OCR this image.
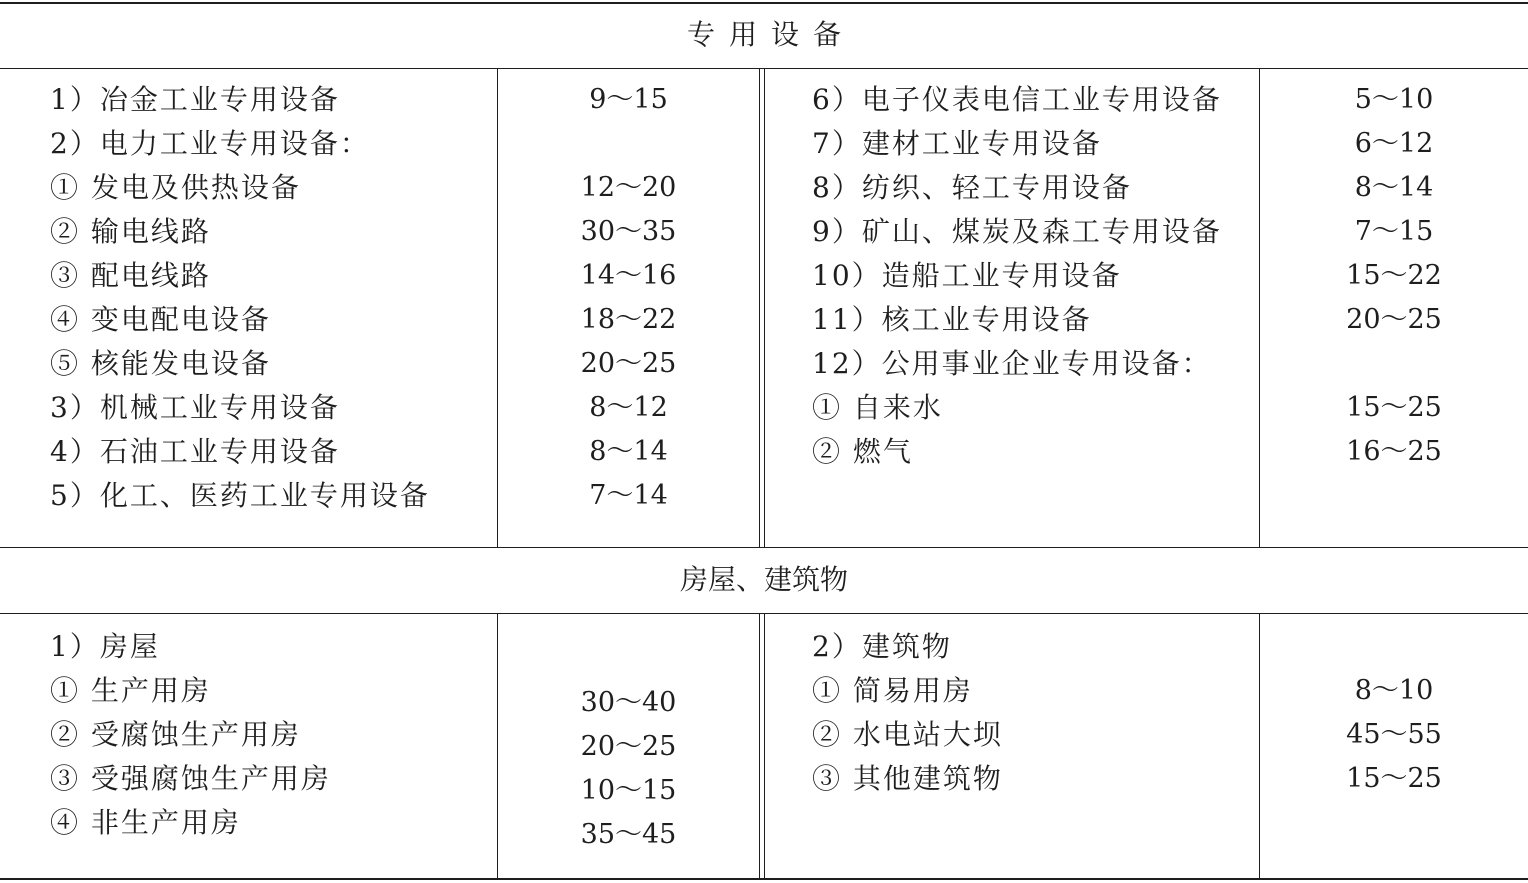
专用设备
房屋、建筑物
1）冶金工业专用设备
2）电力工业专用设备：
① 发电及供热设备
② 输电线路
③ 配电线路
④ 变电配电设备
⑤ 核能发电设备
3）机械工业专用设备
4）石油工业专用设备
5）化工、医药工业专用设备
9～15
12～20
30～35
14～16
18～22
20～25
8～12
8～14
7～14
6）电子仪表电信工业专用设备
7）建材工业专用设备
8）纺织、轻工专用设备
9）矿山、煤炭及森工专用设备
10）造船工业专用设备
11）核工业专用设备
12）公用事业企业专用设备：
① 自来水
② 燃气
5～10
6～12
8～14
7～15
15～22
20～25
15～25
16～25
1）房屋
① 生产用房
② 受腐蚀生产用房
③ 受强腐蚀生产用房
④ 非生产用房
30～40
20～25
10～15
35～45
2）建筑物
① 简易用房
② 水电站大坝
③ 其他建筑物
8～10
45～55
15～25
